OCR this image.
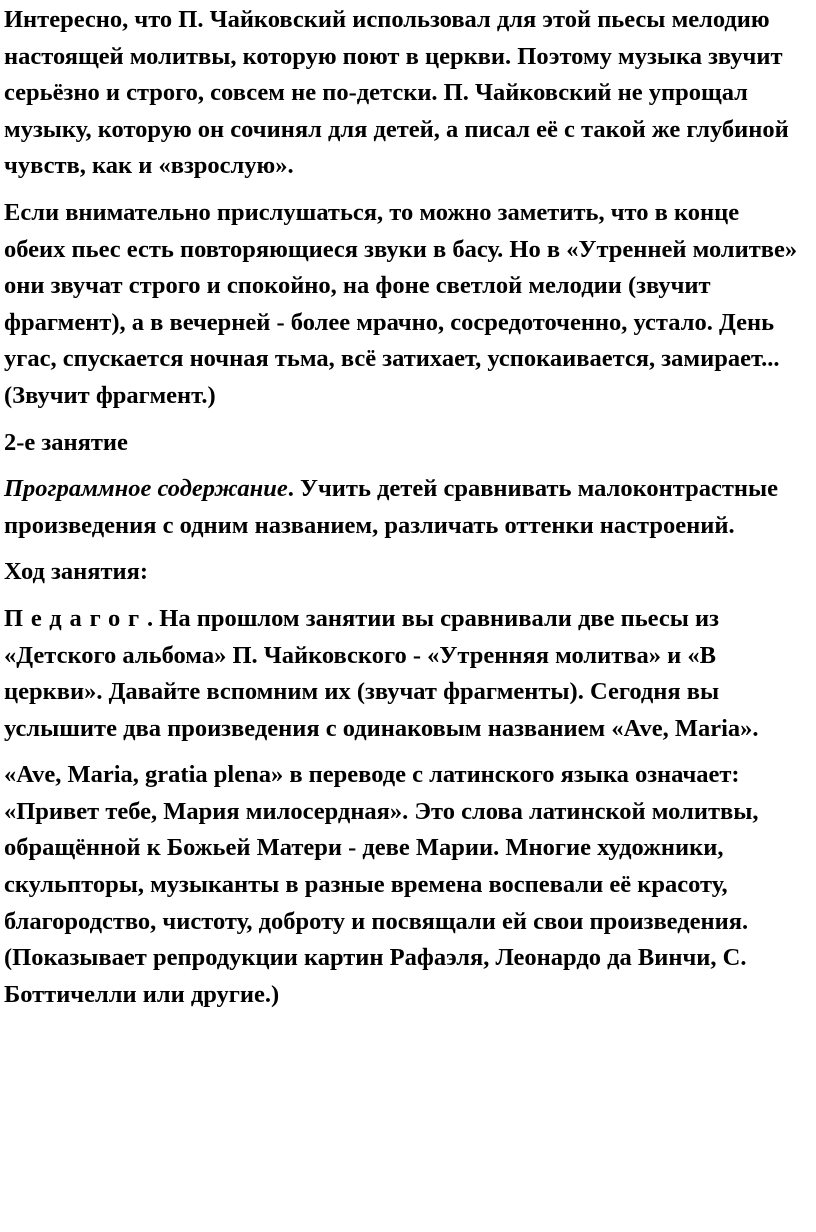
Интересно, что П. Чайковский использовал для этой пьесы мелодию настоящей молитвы, которую поют в церкви. Поэтому музыка звучит серьёзно и строго, совсем не по-детски. П. Чайковский не упрощал музыку, которую он сочинял для детей, а писал её с такой же глубиной чувств, как и «взрослую».

Если внимательно прислушаться, то можно заметить, что в конце обеих пьес есть повторяющиеся звуки в басу. Но в «Утренней молитве» они звучат строго и спокойно, на фоне светлой мелодии (звучит фрагмент), а в вечерней - более мрачно, сосредоточенно, устало. День угас, спускается ночная тьма, всё затихает, успокаивается, замирает... (Звучит фрагмент.)

2-е занятие

Программное содержание. Учить детей сравнивать малоконтрастные произведения с одним названием, различать оттенки настроений.

Ход занятия:

Педагог. На прошлом занятии вы сравнивали две пьесы из «Детского альбома» П. Чайковского - «Утренняя молитва» и «В церкви». Давайте вспомним их (звучат фрагменты). Сегодня вы услышите два произведения с одинаковым названием «Ave, Maria».

«Ave, Maria, gratia plena» в переводе с латинского языка означает: «Привет тебе, Мария милосердная». Это слова латинской молитвы, обращённой к Божьей Матери - деве Марии. Многие художники, скульпторы, музыканты в разные времена воспевали её красоту, благородство, чистоту, доброту и посвящали ей свои произведения. (Показывает репродукции картин Рафаэля, Леонардо да Винчи, С. Боттичелли или другие.)
